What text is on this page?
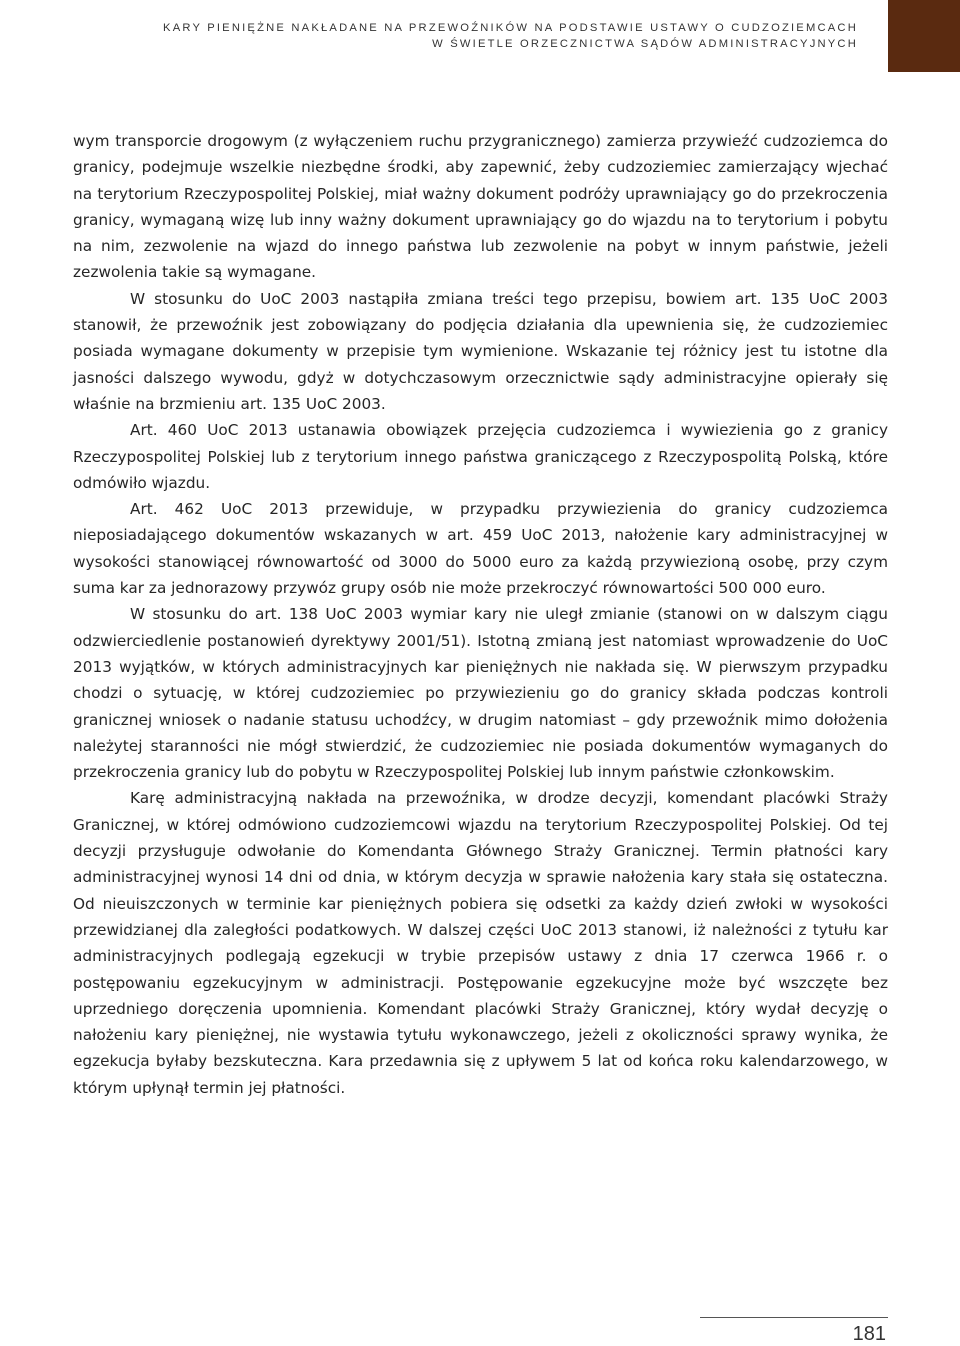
KARY PIENIĘŻNE NAKŁADANE NA PRZEWOŹNIKÓW NA PODSTAWIE USTAWY O CUDZOZIEMCACH
W ŚWIETLE ORZECZNICTWA SĄDÓW ADMINISTRACYJNYCH

wym transporcie drogowym (z wyłączeniem ruchu przygranicznego) zamierza przywieźć cudzoziemca do granicy, podejmuje wszelkie niezbędne środki, aby zapewnić, żeby cudzoziemiec zamierzający wjechać na terytorium Rzeczypospolitej Polskiej, miał ważny dokument podróży uprawniający go do przekroczenia granicy, wymaganą wizę lub inny ważny dokument uprawniający go do wjazdu na to terytorium i pobytu na nim, zezwolenie na wjazd do innego państwa lub zezwolenie na pobyt w innym państwie, jeżeli zezwolenia takie są wymagane.

W stosunku do UoC 2003 nastąpiła zmiana treści tego przepisu, bowiem art. 135 UoC 2003 stanowił, że przewoźnik jest zobowiązany do podjęcia działania dla upewnienia się, że cudzoziemiec posiada wymagane dokumenty w przepisie tym wymienione. Wskazanie tej różnicy jest tu istotne dla jasności dalszego wywodu, gdyż w dotychczasowym orzecznictwie sądy administracyjne opierały się właśnie na brzmieniu art. 135 UoC 2003.

Art. 460 UoC 2013 ustanawia obowiązek przejęcia cudzoziemca i wywiezienia go z granicy Rzeczypospolitej Polskiej lub z terytorium innego państwa graniczącego z Rzeczypospolitą Polską, które odmówiło wjazdu.

Art. 462 UoC 2013 przewiduje, w przypadku przywiezienia do granicy cudzoziemca nieposiadającego dokumentów wskazanych w art. 459 UoC 2013, nałożenie kary administracyjnej w wysokości stanowiącej równowartość od 3000 do 5000 euro za każdą przywiezioną osobę, przy czym suma kar za jednorazowy przywóz grupy osób nie może przekroczyć równowartości 500 000 euro.

W stosunku do art. 138 UoC 2003 wymiar kary nie uległ zmianie (stanowi on w dalszym ciągu odzwierciedlenie postanowień dyrektywy 2001/51). Istotną zmianą jest natomiast wprowadzenie do UoC 2013 wyjątków, w których administracyjnych kar pieniężnych nie nakłada się. W pierwszym przypadku chodzi o sytuację, w której cudzoziemiec po przywiezieniu go do granicy składa podczas kontroli granicznej wniosek o nadanie statusu uchodźcy, w drugim natomiast – gdy przewoźnik mimo dołożenia należytej staranności nie mógł stwierdzić, że cudzoziemiec nie posiada dokumentów wymaganych do przekroczenia granicy lub do pobytu w Rzeczypospolitej Polskiej lub innym państwie członkowskim.

Karę administracyjną nakłada na przewoźnika, w drodze decyzji, komendant placówki Straży Granicznej, w której odmówiono cudzoziemcowi wjazdu na terytorium Rzeczypospolitej Polskiej. Od tej decyzji przysługuje odwołanie do Komendanta Głównego Straży Granicznej. Termin płatności kary administracyjnej wynosi 14 dni od dnia, w którym decyzja w sprawie nałożenia kary stała się ostateczna. Od nieuiszczonych w terminie kar pieniężnych pobiera się odsetki za każdy dzień zwłoki w wysokości przewidzianej dla zaległości podatkowych. W dalszej części UoC 2013 stanowi, iż należności z tytułu kar administracyjnych podlegają egzekucji w trybie przepisów ustawy z dnia 17 czerwca 1966 r. o postępowaniu egzekucyjnym w administracji. Postępowanie egzekucyjne może być wszczęte bez uprzedniego doręczenia upomnienia. Komendant placówki Straży Granicznej, który wydał decyzję o nałożeniu kary pieniężnej, nie wystawia tytułu wykonawczego, jeżeli z okoliczności sprawy wynika, że egzekucja byłaby bezskuteczna. Kara przedawnia się z upływem 5 lat od końca roku kalendarzowego, w którym upłynął termin jej płatności.

181
